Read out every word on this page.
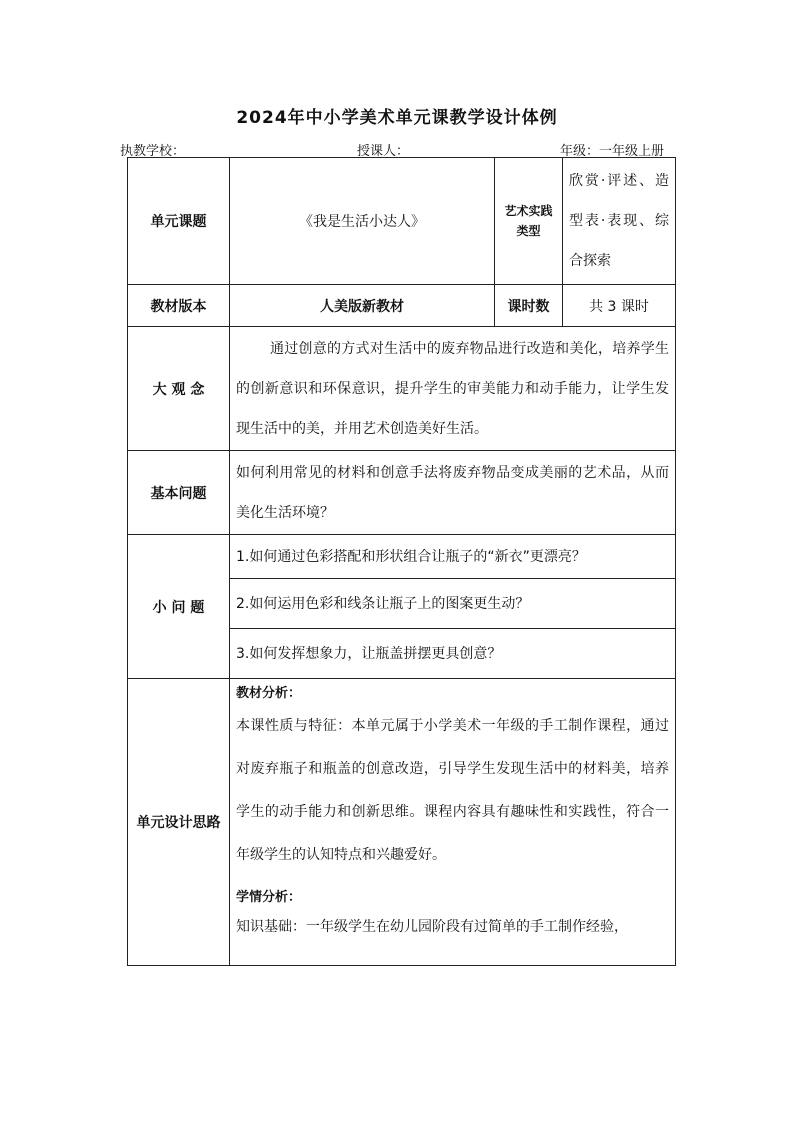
2024年中小学美术单元课教学设计体例
执教学校：	授课人：	年级：一年级上册
单元课题	《我是生活小达人》	艺术实践类型	欣赏·评述、造型表·表现、综合探索

教材版本	人美版新教材	课时数	共 3 课时
大 观 念	通过创意的方式对生活中的废弃物品进行改造和美化，培养学生的创新意识和环保意识，提升学生的审美能力和动手能力，让学生发现生活中的美，并用艺术创造美好生活。		

基本问题	如何利用常见的材料和创意手法将废弃物品变成美丽的艺术品，从而美化生活环境？		

小 问 题	1.如何通过色彩搭配和形状组合让瓶子的“新衣”更漂亮？		

	2.如何运用色彩和线条让瓶子上的图案更生动？		

	3.如何发挥想象力，让瓶盖拼摆更具创意？		

单元设计思路	教材分析：
本课性质与特征：本单元属于小学美术一年级的手工制作课程，通过对废弃瓶子和瓶盖的创意改造，引导学生发现生活中的材料美，培养学生的动手能力和创新思维。课程内容具有趣味性和实践性，符合一年级学生的认知特点和兴趣爱好。
学情分析：
知识基础：一年级学生在幼儿园阶段有过简单的手工制作经验，		
